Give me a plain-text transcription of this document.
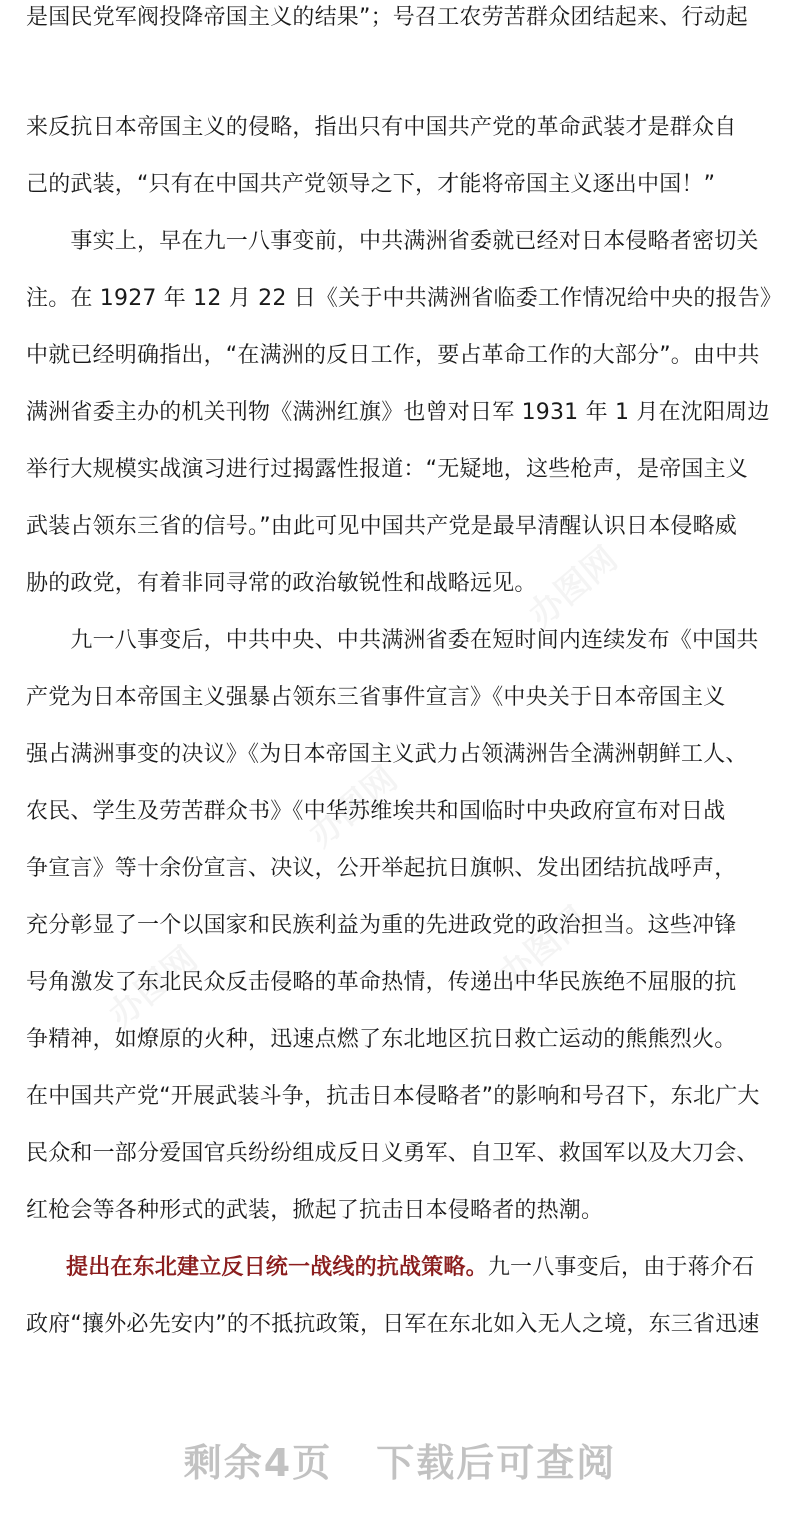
是国民党军阀投降帝国主义的结果”；号召工农劳苦群众团结起来、行动起
来反抗日本帝国主义的侵略，指出只有中国共产党的革命武装才是群众自
己的武装，“只有在中国共产党领导之下，才能将帝国主义逐出中国！”
　　事实上，早在九一八事变前，中共满洲省委就已经对日本侵略者密切关
注。在 1927 年 12 月 22 日《关于中共满洲省临委工作情况给中央的报告》
中就已经明确指出，“在满洲的反日工作，要占革命工作的大部分”。由中共
满洲省委主办的机关刊物《满洲红旗》也曾对日军 1931 年 1 月在沈阳周边
举行大规模实战演习进行过揭露性报道：“无疑地，这些枪声，是帝国主义
武装占领东三省的信号。”由此可见中国共产党是最早清醒认识日本侵略威
胁的政党，有着非同寻常的政治敏锐性和战略远见。
　　九一八事变后，中共中央、中共满洲省委在短时间内连续发布《中国共
产党为日本帝国主义强暴占领东三省事件宣言》《中央关于日本帝国主义
强占满洲事变的决议》《为日本帝国主义武力占领满洲告全满洲朝鲜工人、
农民、学生及劳苦群众书》《中华苏维埃共和国临时中央政府宣布对日战
争宣言》等十余份宣言、决议，公开举起抗日旗帜、发出团结抗战呼声，
充分彰显了一个以国家和民族利益为重的先进政党的政治担当。这些冲锋
号角激发了东北民众反击侵略的革命热情，传递出中华民族绝不屈服的抗
争精神，如燎原的火种，迅速点燃了东北地区抗日救亡运动的熊熊烈火。
在中国共产党“开展武装斗争，抗击日本侵略者”的影响和号召下，东北广大
民众和一部分爱国官兵纷纷组成反日义勇军、自卫军、救国军以及大刀会、
红枪会等各种形式的武装，掀起了抗击日本侵略者的热潮。
提出在东北建立反日统一战线的抗战策略。九一八事变后，由于蒋介石
政府“攘外必先安内”的不抵抗政策，日军在东北如入无人之境，东三省迅速
剩余4页 下载后可查阅
